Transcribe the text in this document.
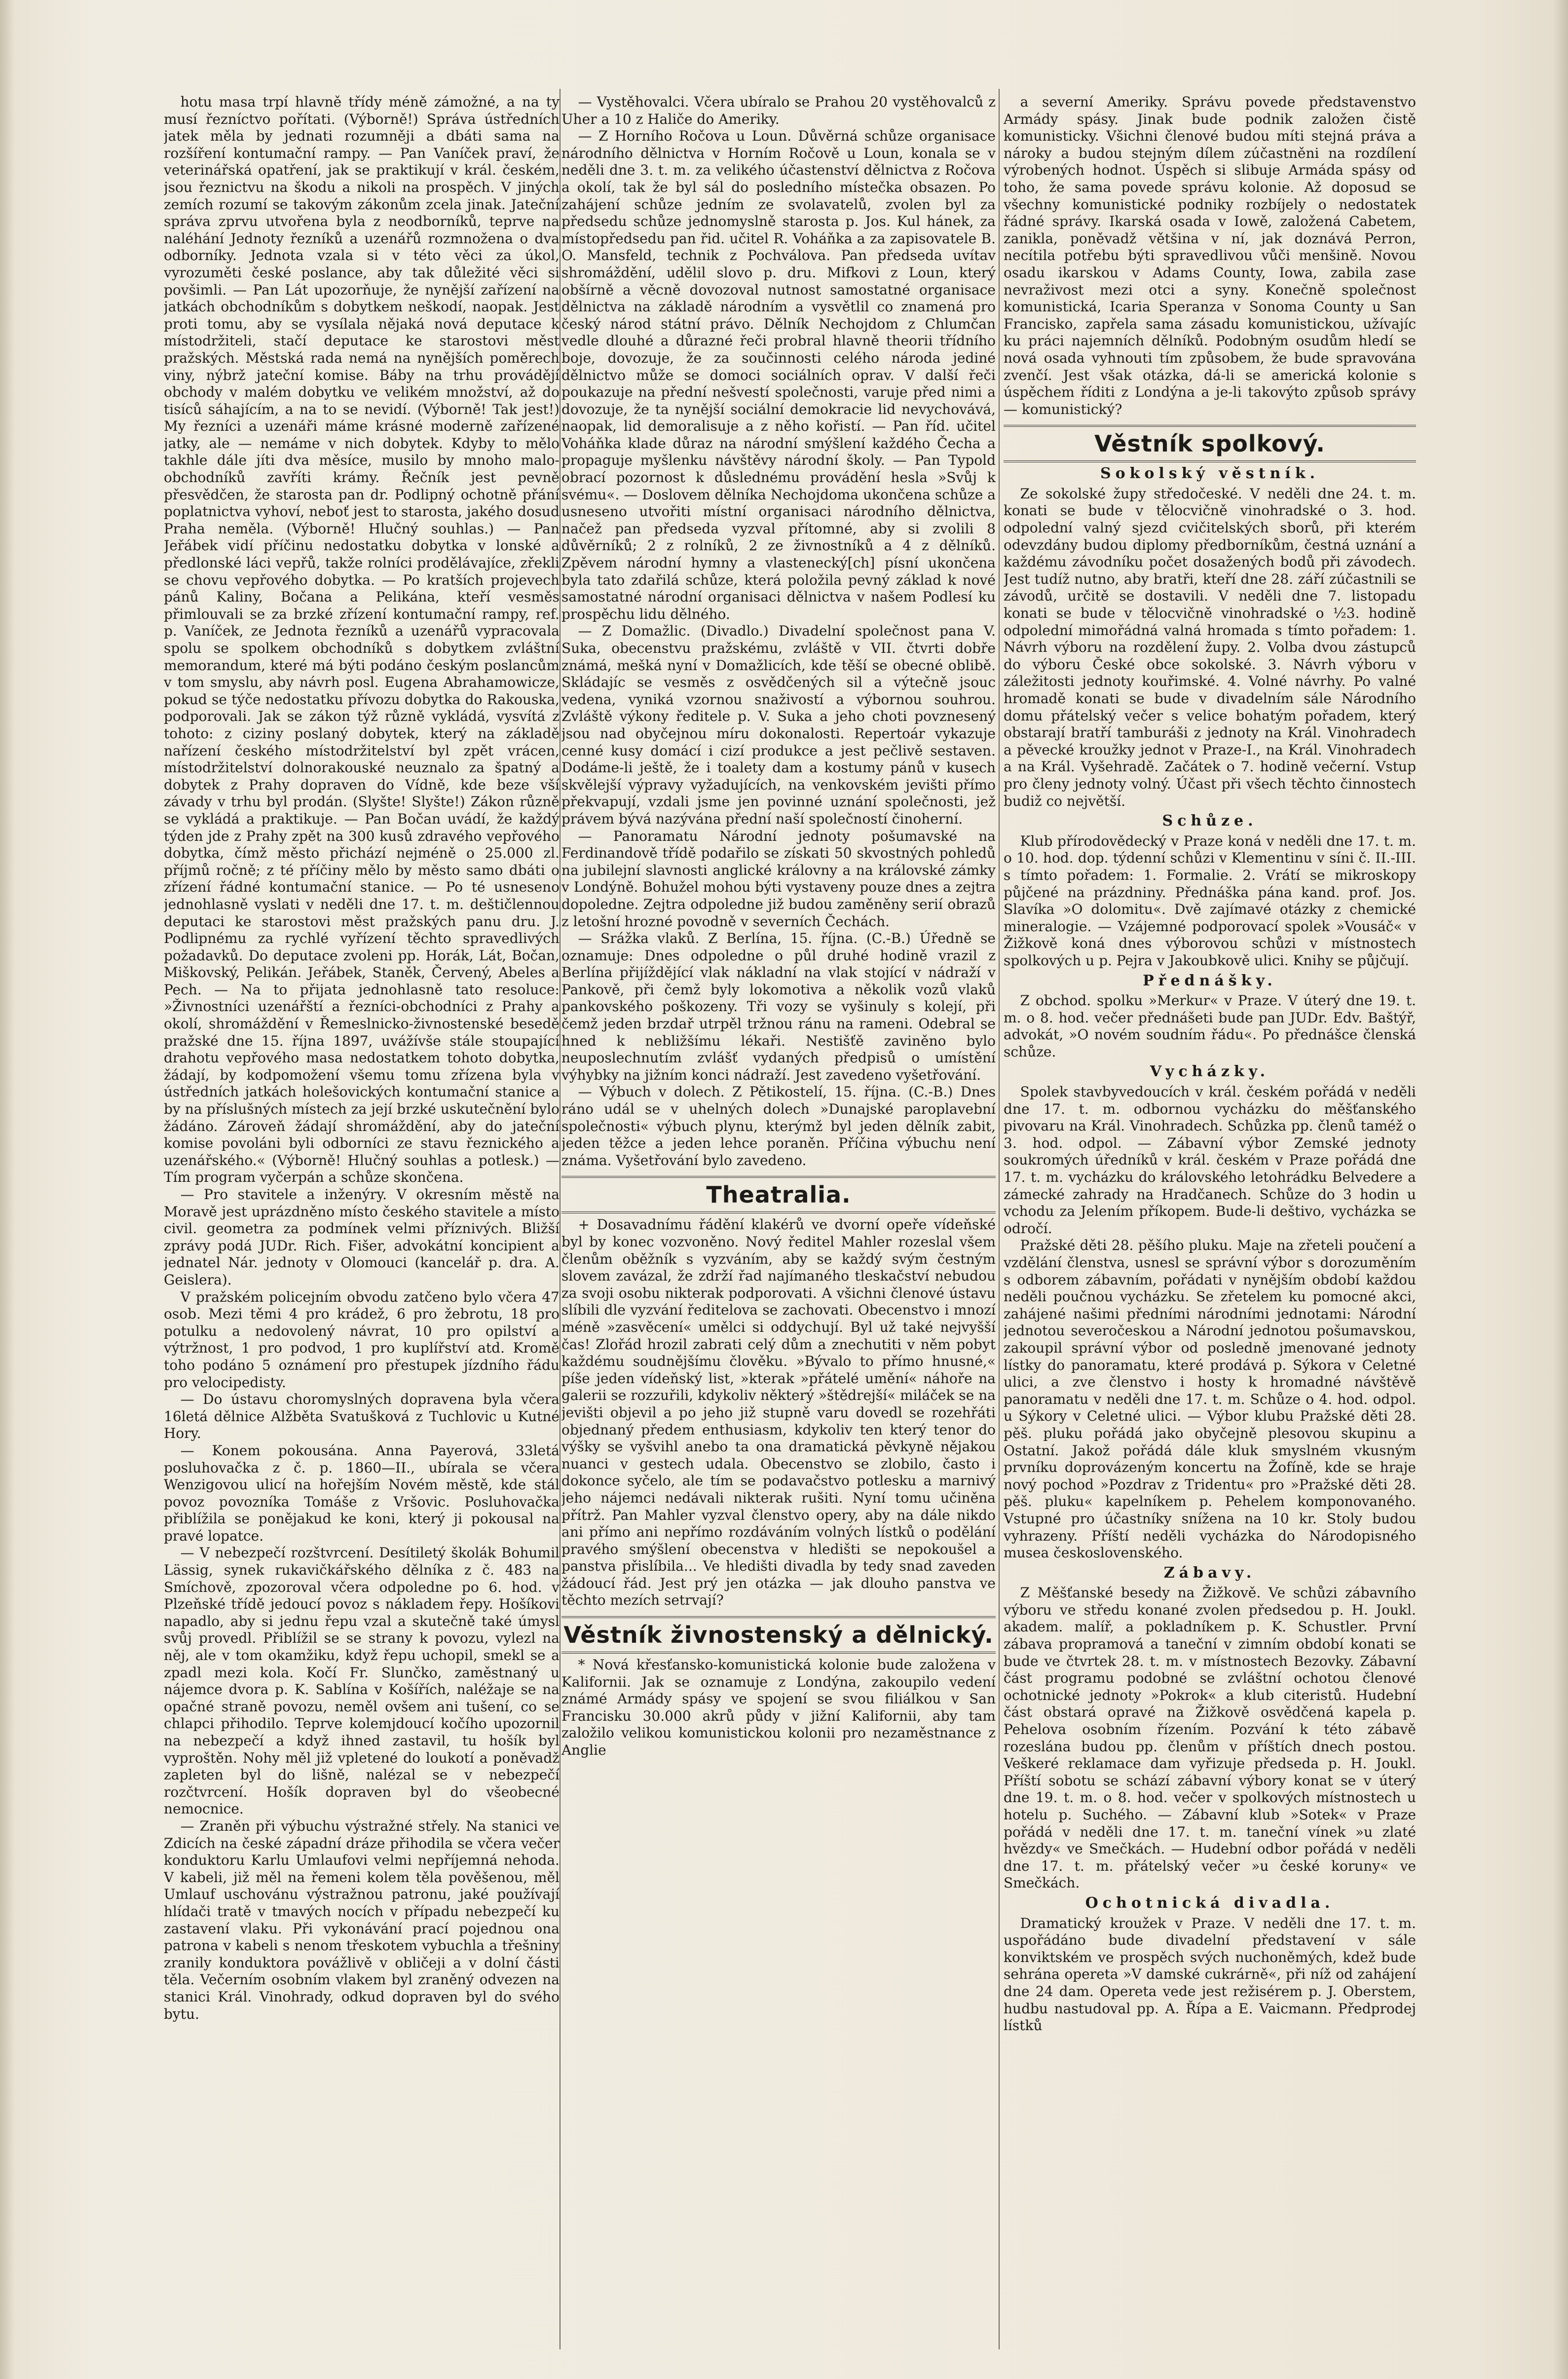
hotu masa trpí hlavně třídy méně zámožné, a na ty musí řezníctvo pořítati. (Výborně!) Správa ústředních jatek měla by jednati rozumněji a dbáti sama na rozšíření kontumační rampy. — Pan Vaníček praví, že veterinářská opatření, jak se praktikují v král. českém, jsou řeznictvu na škodu a nikoli na prospěch. V jiných zemích rozumí se takovým zákonům zcela jinak. Jateční správa zprvu utvořena byla z neodborníků, teprve na naléhání Jednoty řezníků a uzenářů rozmnožena o dva odborníky. Jednota vzala si v této věci za úkol, vyrozuměti české poslance, aby tak důležité věci si povšimli. — Pan Lát upozorňuje, že nynější zařízení na jatkách obchodníkům s dobytkem neškodí, naopak. Jest proti tomu, aby se vysílala nějaká nová deputace k místodržiteli, stačí deputace ke starostovi měst pražských. Městská rada nemá na nynějších poměrech viny, nýbrž jateční komise. Báby na trhu provádějí obchody v malém dobytku ve velikém množství, až do tisíců sáhajícím, a na to se nevidí. (Výborně! Tak jest!) My řezníci a uzenáři máme krásné moderně zařízené jatky, ale — nemáme v nich dobytek. Kdyby to mělo takhle dále jíti dva měsíce, musilo by mnoho malo-obchodníků zavříti krámy. Řečník jest pevně přesvědčen, že starosta pan dr. Podlipný ochotně přání poplatnictva vyhoví, neboť jest to starosta, jakého dosud Praha neměla. (Výborně! Hlučný souhlas.) — Pan Jeřábek vidí příčinu nedostatku dobytka v lonské a předlonské láci vepřů, takže rolníci prodělávajíce, zřekli se chovu vepřového dobytka. — Po kratších projevech pánů Kaliny, Bočana a Pelikána, kteří vesměs přimlouvali se za brzké zřízení kontumační rampy, ref. p. Vaníček, ze Jednota řezníků a uzenářů vypracovala spolu se spolkem obchodníků s dobytkem zvláštní memorandum, které má býti podáno českým poslancům v tom smyslu, aby návrh posl. Eugena Abrahamowicze, pokud se týče nedostatku přívozu dobytka do Rakouska, podporovali. Jak se zákon týž různě vykládá, vysvítá z tohoto: z ciziny poslaný dobytek, který na základě nařízení českého místodržitelství byl zpět vrácen, místodržitelství dolnorakouské neuznalo za špatný a dobytek z Prahy dopraven do Vídně, kde beze vší závady v trhu byl prodán. (Slyšte! Slyšte!) Zákon různě se vykládá a praktikuje. — Pan Bočan uvádí, že každý týden jde z Prahy zpět na 300 kusů zdravého vepřového dobytka, čímž město přichází nejméně o 25.000 zl. příjmů ročně; z té příčiny mělo by město samo dbáti o zřízení řádné kontumační stanice. — Po té usneseno jednohlasně vyslati v neděli dne 17. t. m. deštičlennou deputaci ke starostovi měst pražských panu dru. J. Podlipnému za rychlé vyřízení těchto spravedlivých požadavků. Do deputace zvoleni pp. Horák, Lát, Bočan, Miškovský, Pelikán. Jeřábek, Staněk, Červený, Abeles a Pech. — Na to přijata jednohlasně tato resoluce: »Živnostníci uzenářští a řezníci-obchodníci z Prahy a okolí, shromáždění v Řemeslnicko-živnostenské besedě pražské dne 15. října 1897, uvážívše stále stoupající drahotu vepřového masa nedostatkem tohoto dobytka, žádají, by kodpomožení všemu tomu zřízena byla v ústředních jatkách holešovických kontumační stanice a by na příslušných místech za její brzké uskutečnění bylo žádáno. Zároveň žádají shromáždění, aby do jateční komise povoláni byli odborníci ze stavu řeznického a uzenářského.« (Výborně! Hlučný souhlas a potlesk.) — Tím program vyčerpán a schůze skončena.

— Pro stavitele a inženýry. V okresním městě na Moravě jest uprázdněno místo českého stavitele a místo civil. geometra za podmínek velmi příznivých. Bližší zprávy podá JUDr. Rich. Fišer, advokátní koncipient a jednatel Nár. jednoty v Olomouci (kancelář p. dra. A. Geislera).

V pražském policejním obvodu zatčeno bylo včera 47 osob. Mezi těmi 4 pro krádež, 6 pro žebrotu, 18 pro potulku a nedovolený návrat, 10 pro opilství a výtržnost, 1 pro podvod, 1 pro kuplířství atd. Kromě toho podáno 5 oznámení pro přestupek jízdního řádu pro velocipedisty.

— Do ústavu choromyslných dopravena byla včera 16letá dělnice Alžběta Svatušková z Tuchlovic u Kutné Hory.

— Konem pokousána. Anna Payerová, 33letá posluhovačka z č. p. 1860—II., ubírala se včera Wenzigovou ulicí na hořejším Novém městě, kde stál povoz povozníka Tomáše z Vršovic. Posluhovačka přiblížila se ponějakud ke koni, který ji pokousal na pravé lopatce.

— V nebezpečí rozštvrcení. Desítiletý školák Bohumil Lässig, synek rukavičkářského dělníka z č. 483 na Smíchově, zpozoroval včera odpoledne po 6. hod. v Plzeňské třídě jedoucí povoz s nákladem řepy. Hošíkovi napadlo, aby si jednu řepu vzal a skutečně také úmysl svůj provedl. Přiblížil se se strany k povozu, vylezl na něj, ale v tom okamžiku, když řepu uchopil, smekl se a zpadl mezi kola. Kočí Fr. Slunčko, zaměstnaný u nájemce dvora p. K. Sablína v Košířích, naléžaje se na opačné straně povozu, neměl ovšem ani tušení, co se chlapci přihodilo. Teprve kolemjdoucí kočího upozornil na nebezpečí a když ihned zastavil, tu hošík byl vyproštěn. Nohy měl již vpletené do loukotí a poněvadž zapleten byl do lišně, nalézal se v nebezpečí rozčtvrcení. Hošík dopraven byl do všeobecné nemocnice.

— Zraněn při výbuchu výstražné střely. Na stanici ve Zdicích na české západní dráze přihodila se včera večer konduktoru Karlu Umlaufovi velmi nepříjemná nehoda. V kabeli, již měl na řemeni kolem těla pověšenou, měl Umlauf uschovánu výstražnou patronu, jaké používají hlídači tratě v tmavých nocích v případu nebezpečí ku zastavení vlaku. Při vykonávání prací pojednou ona patrona v kabeli s nenom třeskotem vybuchla a třešniny zranily konduktora povážlivě v obličeji a v dolní části těla. Večerním osobním vlakem byl zraněný odvezen na stanici Král. Vinohrady, odkud dopraven byl do svého bytu.

— Vystěhovalci. Včera ubíralo se Prahou 20 vystěhovalců z Uher a 10 z Haliče do Ameriky.

— Z Horního Ročova u Loun. Důvěrná schůze organisace národního dělnictva v Horním Ročově u Loun, konala se v neděli dne 3. t. m. za velikého účastenství dělnictva z Ročova a okolí, tak že byl sál do posledního místečka obsazen. Po zahájení schůze jedním ze svolavatelů, zvolen byl za předsedu schůze jednomyslně starosta p. Jos. Kul hánek, za místopředsedu pan řid. učitel R. Voháňka a za zapisovatele B. O. Mansfeld, technik z Pochválova. Pan předseda uvítav shromáždění, udělil slovo p. dru. Mifkovi z Loun, který obšírně a věcně dovozoval nutnost samostatné organisace dělnictva na základě národním a vysvětlil co znamená pro český národ státní právo. Dělník Nechojdom z Chlumčan vedle dlouhé a důrazné řeči probral hlavně theorii třídního boje, dovozuje, že za součinnosti celého národa jediné dělnictvo může se domoci sociálních oprav. V další řeči poukazuje na přední nešvestí společnosti, varuje před nimi a dovozuje, že ta nynější sociální demokracie lid nevychovává, naopak, lid demoralisuje a z něho kořistí. — Pan říd. učitel Voháňka klade důraz na národní smýšlení každého Čecha a propaguje myšlenku návštěvy národní školy. — Pan Typold obrací pozornost k důslednému provádění hesla »Svůj k svému«. — Doslovem dělníka Nechojdoma ukončena schůze a usneseno utvořiti místní organisaci národního dělnictva, načež pan předseda vyzval přítomné, aby si zvolili 8 důvěrníků; 2 z rolníků, 2 ze živnostníků a 4 z dělníků. Zpěvem národní hymny a vlastenecký[ch] písní ukončena byla tato zdařilá schůze, která položila pevný základ k nové samostatné národní organisaci dělnictva v našem Podlesí ku prospěchu lidu dělného.

— Z Domažlic. (Divadlo.) Divadelní společnost pana V. Suka, obecenstvu pražskému, zvláště v VII. čtvrti dobře známá, mešká nyní v Domažlicích, kde těší se obecné oblibě. Skládajíc se vesměs z osvědčených sil a výtečně jsouc vedena, vyniká vzornou snaživostí a výbornou souhrou. Zvláště výkony ředitele p. V. Suka a jeho choti povznesený jsou nad obyčejnou míru dokonalosti. Repertoár vykazuje cenné kusy domácí i cizí produkce a jest pečlivě sestaven. Dodáme-li ještě, že i toalety dam a kostumy pánů v kusech skvělejší výpravy vyžadujících, na venkovském jevišti přímo překvapují, vzdali jsme jen povinné uznání společnosti, jež právem bývá nazývána přední naší společností činoherní.

— Panoramatu Národní jednoty pošumavské na Ferdinandově třídě podařilo se získati 50 skvostných pohledů na jubilejní slavnosti anglické královny a na královské zámky v Londýně. Bohužel mohou býti vystaveny pouze dnes a zejtra dopoledne. Zejtra odpoledne již budou zaměněny serií obrazů z letošní hrozné povodně v severních Čechách.

— Srážka vlaků. Z Berlína, 15. října. (C.-B.) Úředně se oznamuje: Dnes odpoledne o půl druhé hodině vrazil z Berlína přijíždějící vlak nákladní na vlak stojící v nádraží v Pankově, při čemž byly lokomotiva a několik vozů vlaků pankovského poškozeny. Tři vozy se vyšinuly s kolejí, při čemž jeden brzdař utrpěl tržnou ránu na rameni. Odebral se hned k nebližšímu lékaři. Nestišťě zaviněno bylo neuposlechnutím zvlášť vydaných předpisů o umístění výhybky na jižním konci nádraží. Jest zavedeno vyšetřování.

— Výbuch v dolech. Z Pětikostelí, 15. října. (C.-B.) Dnes ráno udál se v uhelných dolech »Dunajské paroplavební společnosti« výbuch plynu, kterýmž byl jeden dělník zabit, jeden těžce a jeden lehce poraněn. Příčina výbuchu není známa. Vyšetřování bylo zavedeno.

Theatralia.

+ Dosavadnímu řádění klakérů ve dvorní opeře vídeňské byl by konec vozvoněno. Nový ředitel Mahler rozeslal všem členům oběžník s vyzváním, aby se každý svým čestným slovem zavázal, že zdrží řad najímaného tleskačství nebudou za svoji osobu nikterak podporovati. A všichni členové ústavu slíbili dle vyzvání ředitelova se zachovati. Obecenstvo i mnozí méně »zasvěcení« umělci si oddychují. Byl už také nejvyšší čas! Zlořád hrozil zabrati celý dům a znechutiti v něm pobyt každému soudnějšímu člověku. »Bývalo to přímo hnusné,« píše jeden vídeňský list, »kterak »přátelé umění« náhoře na galerii se rozzuřili, kdykoliv některý »štědrejší« miláček se na jevišti objevil a po jeho již stupně varu dovedl se rozehřáti objednaný předem enthusiasm, kdykoliv ten který tenor do výšky se vyšvihl anebo ta ona dramatická pěvkyně nějakou nuanci v gestech udala. Obecenstvo se zlobilo, často i dokonce syčelo, ale tím se podavačstvo potlesku a marnivý jeho nájemci nedávali nikterak rušiti. Nyní tomu učiněna přítrž. Pan Mahler vyzval členstvo opery, aby na dále nikdo ani přímo ani nepřímo rozdáváním volných lístků o podělání pravého smýšlení obecenstva v hledišti se nepokoušel a panstva přislíbila... Ve hledišti divadla by tedy snad zaveden žádoucí řád. Jest prý jen otázka — jak dlouho panstva ve těchto mezích setrvají?

Věstník živnostenský a dělnický.

* Nová křesťansko-komunistická kolonie bude založena v Kalifornii. Jak se oznamuje z Londýna, zakoupilo vedení známé Armády spásy ve spojení se svou filiálkou v San Francisku 30.000 akrů půdy v jižní Kalifornii, aby tam založilo velikou komunistickou kolonii pro nezaměstnance z Anglie

a severní Ameriky. Správu povede představenstvo Armády spásy. Jinak bude podnik založen čistě komunisticky. Všichni členové budou míti stejná práva a nároky a budou stejným dílem zúčastněni na rozdílení výrobených hodnot. Úspěch si slibuje Armáda spásy od toho, že sama povede správu kolonie. Až doposud se všechny komunistické podniky rozbíjely o nedostatek řádné správy. Ikarská osada v Iowě, založená Cabetem, zanikla, poněvadž většina v ní, jak doznává Perron, necítila potřebu býti spravedlivou vůči menšině. Novou osadu ikarskou v Adams County, Iowa, zabila zase nevraživost mezi otci a syny. Konečně společnost komunistická, Icaria Speranza v Sonoma County u San Francisko, zapřela sama zásadu komunistickou, užívajíc ku práci najemních dělníků. Podobným osudům hledí se nová osada vyhnouti tím způsobem, že bude spravována zvenčí. Jest však otázka, dá-li se americká kolonie s úspěchem říditi z Londýna a je-li takovýto způsob správy — komunistický?

Věstník spolkový.
Sokolský věstník.

Ze sokolské župy středočeské. V neděli dne 24. t. m. konati se bude v tělocvičně vinohradské o 3. hod. odpolední valný sjezd cvičitelských sborů, při kterém odevzdány budou diplomy předborníkům, čestná uznání a každému závodníku počet dosažených bodů při závodech. Jest tudíž nutno, aby bratři, kteří dne 28. září zúčastnili se závodů, určitě se dostavili. V neděli dne 7. listopadu konati se bude v tělocvičně vinohradské o ½3. hodině odpolední mimořádná valná hromada s tímto pořadem: 1. Návrh výboru na rozdělení župy. 2. Volba dvou zástupců do výboru České obce sokolské. 3. Návrh výboru v záležitosti jednoty kouřimské. 4. Volné návrhy. Po valné hromadě konati se bude v divadelním sále Národního domu přátelský večer s velice bohatým pořadem, který obstarají bratří tamburáši z jednoty na Král. Vinohradech a pěvecké kroužky jednot v Praze-I., na Král. Vinohradech a na Král. Vyšehradě. Začátek o 7. hodině večerní. Vstup pro členy jednoty volný. Účast při všech těchto činnostech budiž co největší.

Schůze.

Klub přírodovědecký v Praze koná v neděli dne 17. t. m. o 10. hod. dop. týdenní schůzi v Klementinu v síni č. II.-III. s tímto pořadem: 1. Formalie. 2. Vrátí se mikroskopy půjčené na prázdniny. Přednáška pána kand. prof. Jos. Slavíka »O dolomitu«. Dvě zajímavé otázky z chemické mineralogie. — Vzájemné podporovací spolek »Vousáč« v Žižkově koná dnes výborovou schůzi v místnostech spolkových u p. Pejra v Jakoubkově ulici. Knihy se půjčují.

Přednášky.

Z obchod. spolku »Merkur« v Praze. V úterý dne 19. t. m. o 8. hod. večer přednášeti bude pan JUDr. Edv. Baštýř, advokát, »O novém soudním řádu«. Po přednášce členská schůze.

Vycházky.

Spolek stavbyvedoucích v král. českém pořádá v neděli dne 17. t. m. odbornou vycházku do měšťanského pivovaru na Král. Vinohradech. Schůzka pp. členů taméž o 3. hod. odpol. — Zábavní výbor Zemské jednoty soukromých úředníků v král. českém v Praze pořádá dne 17. t. m. vycházku do královského letohrádku Belvedere a zámecké zahrady na Hradčanech. Schůze do 3 hodin u vchodu za Jelením příkopem. Bude-li deštivo, vycházka se odročí.

Pražské děti 28. pěšího pluku. Maje na zřeteli poučení a vzdělání členstva, usnesl se správní výbor s dorozuměním s odborem zábavním, pořádati v nynějším období každou neděli poučnou vycházku. Se zřetelem ku pomocné akci, zahájené našimi předními národními jednotami: Národní jednotou severočeskou a Národní jednotou pošumavskou, zakoupil správní výbor od posledně jmenované jednoty lístky do panoramatu, které prodává p. Sýkora v Celetné ulici, a zve členstvo i hosty k hromadné návštěvě panoramatu v neděli dne 17. t. m. Schůze o 4. hod. odpol. u Sýkory v Celetné ulici. — Výbor klubu Pražské děti 28. pěš. pluku pořádá jako obyčejně plesovou skupinu a Ostatní. Jakož pořádá dále kluk smyslném vkusným prvníku doprovázeným koncertu na Žofíně, kde se hraje nový pochod »Pozdrav z Tridentu« pro »Pražské děti 28. pěš. pluku« kapelníkem p. Pehelem komponovaného. Vstupné pro účastníky snížena na 10 kr. Stoly budou vyhrazeny. Příští neděli vycházka do Národopisného musea československého.

Zábavy.

Z Měšťanské besedy na Žižkově. Ve schůzi zábavního výboru ve středu konané zvolen předsedou p. H. Joukl. akadem. malíř, a pokladníkem p. K. Schustler. První zábava propramová a taneční v zimním období konati se bude ve čtvrtek 28. t. m. v místnostech Bezovky. Zábavní část programu podobné se zvláštní ochotou členové ochotnické jednoty »Pokrok« a klub citeristů. Hudební část obstará opravé na Žižkově osvědčená kapela p. Pehelova osobním řízením. Pozvání k této zábavě rozeslána budou pp. členům v příštích dnech postou. Veškeré reklamace dam vyřizuje předseda p. H. Joukl. Příští sobotu se schází zábavní výbory konat se v úterý dne 19. t. m. o 8. hod. večer v spolkových místnostech u hotelu p. Suchého. — Zábavní klub »Sotek« v Praze pořádá v neděli dne 17. t. m. taneční vínek »u zlaté hvězdy« ve Smečkách. — Hudební odbor pořádá v neděli dne 17. t. m. přátelský večer »u české koruny« ve Smečkách.

Ochotnická divadla.

Dramatický kroužek v Praze. V neděli dne 17. t. m. uspořádáno bude divadelní představení v sále konviktském ve prospěch svých nuchoněmých, kdež bude sehrána opereta »V damské cukrárně«, při níž od zahájení dne 24 dam. Opereta vede jest režisérem p. J. Oberstem, hudbu nastudoval pp. A. Řípa a E. Vaicmann. Předprodej lístků
